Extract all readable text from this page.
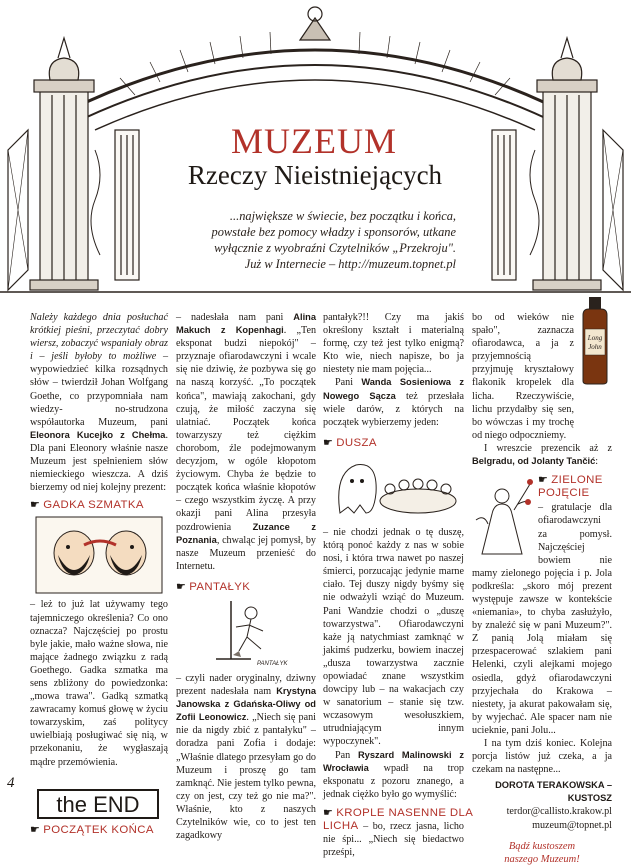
MUZEUM
Rzeczy Nieistniejących
...największe w świecie, bez początku i końca,
powstałe bez pomocy władzy i sponsorów, utkane
wyłącznie z wyobraźni Czytelników „Przekroju".
Już w Internecie – http://muzeum.topnet.pl

Należy każdego dnia posłuchać krótkiej pieśni, przeczytać dobry wiersz, zobaczyć wspaniały obraz i – jeśli byłoby to możliwe – wypowiedzieć kilka rozsądnych słów – twierdził Johan Wolfgang Goethe, co przypomniała nam wiedzy- no-strudzona współautorka Muzeum, pani Eleonora Kucejko z Chełma. Dla pani Eleonory właśnie nasze Muzeum jest spełnieniem słów niemieckiego wieszcza. A dziś bierzemy od niej kolejny prezent:

☛ GADKA SZMATKA

– leż to już lat używamy tego tajemniczego określenia? Co ono oznacza? Najczęściej po prostu byle jakie, mało ważne słowa, nie mające żadnego związku z radą Goethego. Gadka szmatka ma sens zbliżony do powiedzonka: „mowa trawa". Gadką szmatką zawracamy komuś głowę w życiu towarzyskim, zaś politycy uwielbiają posługiwać się nią, w przekonaniu, że wygłaszają mądre przemówienia.

the END
☛ POCZĄTEK KOŃCA

– nadesłała nam pani Alina Makuch z Kopenhagi. „Ten eksponat budzi niepokój" – przyznaje ofiarodawczyni i wcale się nie dziwię, że pozbywa się go na naszą korzyść. „To początek końca", mawiają zakochani, gdy czują, że miłość zaczyna się ulatniać. Początek końca towarzyszy też ciężkim chorobom, źle podejmowanym decyzjom, w ogóle kłopotom życiowym. Chyba że będzie to początek końca właśnie kłopotów – czego wszystkim życzę. A przy okazji pani Alina przesyła pozdrowienia Zuzance z Poznania, chwaląc jej pomysł, by nasze Muzeum przenieść do Internetu.

☛ PANTAŁYK
PANTAŁYK

– czyli nader oryginalny, dziwny prezent nadesłała nam Krystyna Janowska z Gdańska-Oliwy od Zofii Leonowicz. „Niech się pani nie da nigdy zbić z pantałyku" – doradza pani Zofia i dodaje: „Właśnie dlatego przesyłam go do Muzeum i proszę go tam zamknąć. Nie jestem tylko pewna, czy on jest, czy też go nie ma?". Właśnie, kto z naszych Czytelników wie, co to jest ten zagadkowy

pantałyk?!! Czy ma jakiś określony kształt i materialną formę, czy też jest tylko enigmą? Kto wie, niech napisze, bo ja niestety nie mam pojęcia...

Pani Wanda Sosieniowa z Nowego Sącza też przesłała wiele darów, z których na początek wybierzemy jeden:

☛ DUSZA

– nie chodzi jednak o tę duszę, którą ponoć każdy z nas w sobie nosi, i która trwa nawet po naszej śmierci, porzucając jedynie marne ciało. Tej duszy nigdy byśmy się nie odważyli wziąć do Muzeum. Pani Wandzie chodzi o „duszę towarzystwa". Ofiarodawczyni każe ją natychmiast zamknąć w jakimś pudzerku, bowiem inaczej „dusza towarzystwa zacznie opowiadać znane wszystkim dowcipy lub – na wakacjach czy w sanatorium – stanie się tzw. wczasowym wesołuszkiem, utrudniającym innym wypoczynek".

Pan Ryszard Malinowski z Wrocławia wpadł na trop eksponatu z pozoru znanego, a jednak ciężko było go wymyślić:

☛ KROPLE NASENNE DLA

LICHA – bo, rzecz jasna, licho nie śpi... „Niech się biedactwo prześpi,

Long
John

bo od wieków nie spało", zaznacza ofiarodawca, a ja z przyjemnością przyjmuję kryształowy flakonik kropelek dla licha. Rzeczywiście, lichu przydałby się sen, bo wówczas i my trochę od niego odpoczniemy.

I wreszcie prezencik aż z Belgradu, od Jolanty Tančić:

☛ ZIELONE
POJĘCIE

– gratulacje dla ofiarodawczyni za pomysł. Najczęściej bowiem nie mamy zielonego pojęcia i p. Jola podkreśla: „skoro mój prezent występuje zawsze w kontekście «niemania», to chyba zasłużyło, by znaleźć się w pani Muzeum?". Z panią Jolą miałam się przespacerować szlakiem pani Helenki, czyli alejkami mojego osiedla, gdyż ofiarodawczyni przyjechała do Krakowa – niestety, ja akurat pakowałam się, by wyjechać. Ale spacer nam nie ucieknie, pani Jolu...

I na tym dziś koniec. Kolejna porcja listów już czeka, a ja czekam na następne...

DOROTA TERAKOWSKA – KUSTOSZ
terdor@callisto.krakow.pl
muzeum@topnet.pl
Bądź kustoszem
naszego Muzeum!
4
